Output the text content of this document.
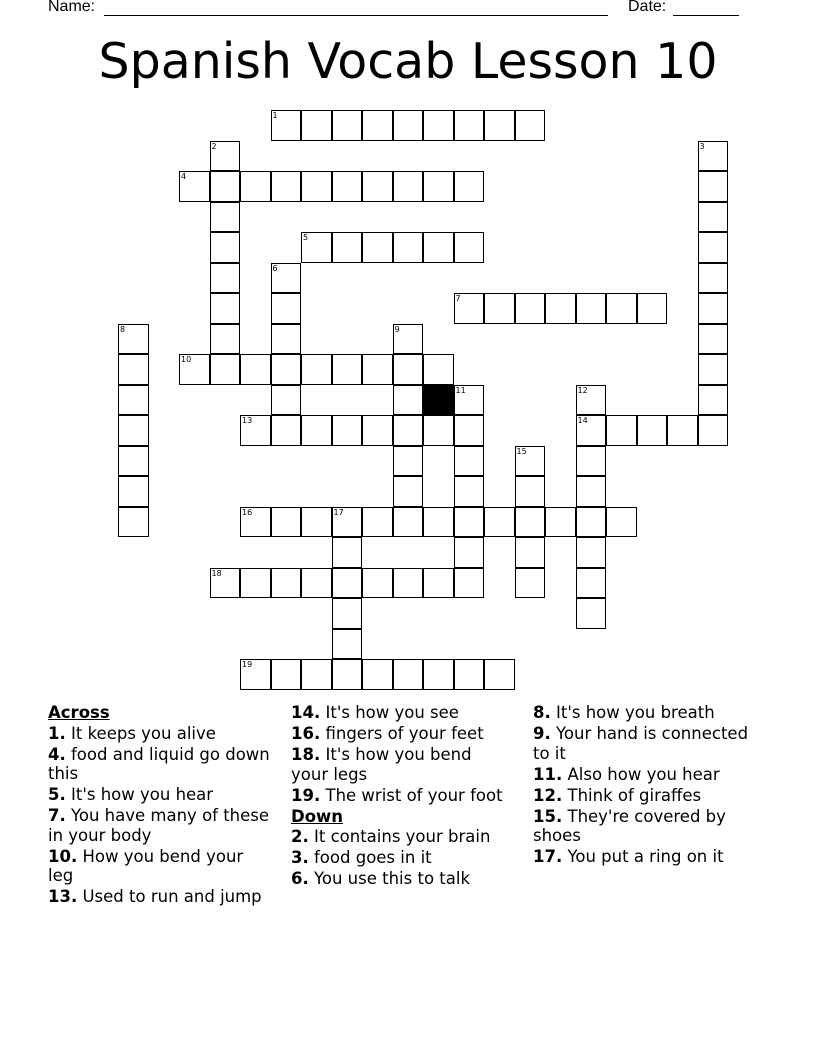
Name:	Date:
Spanish Vocab Lesson 10
1
4
5
7
10
13	14
16	17
18
19
2	3
6
8	9
11	12
15
Across
1. It keeps you alive
4. food and liquid go down this
5. It's how you hear
7. You have many of these in your body
10. How you bend your leg
13. Used to run and jump
14. It's how you see
16. fingers of your feet
18. It's how you bend your legs
19. The wrist of your foot
Down
2. It contains your brain
3. food goes in it
6. You use this to talk
8. It's how you breath
9. Your hand is connected to it
11. Also how you hear
12. Think of giraffes
15. They're covered by shoes
17. You put a ring on it
